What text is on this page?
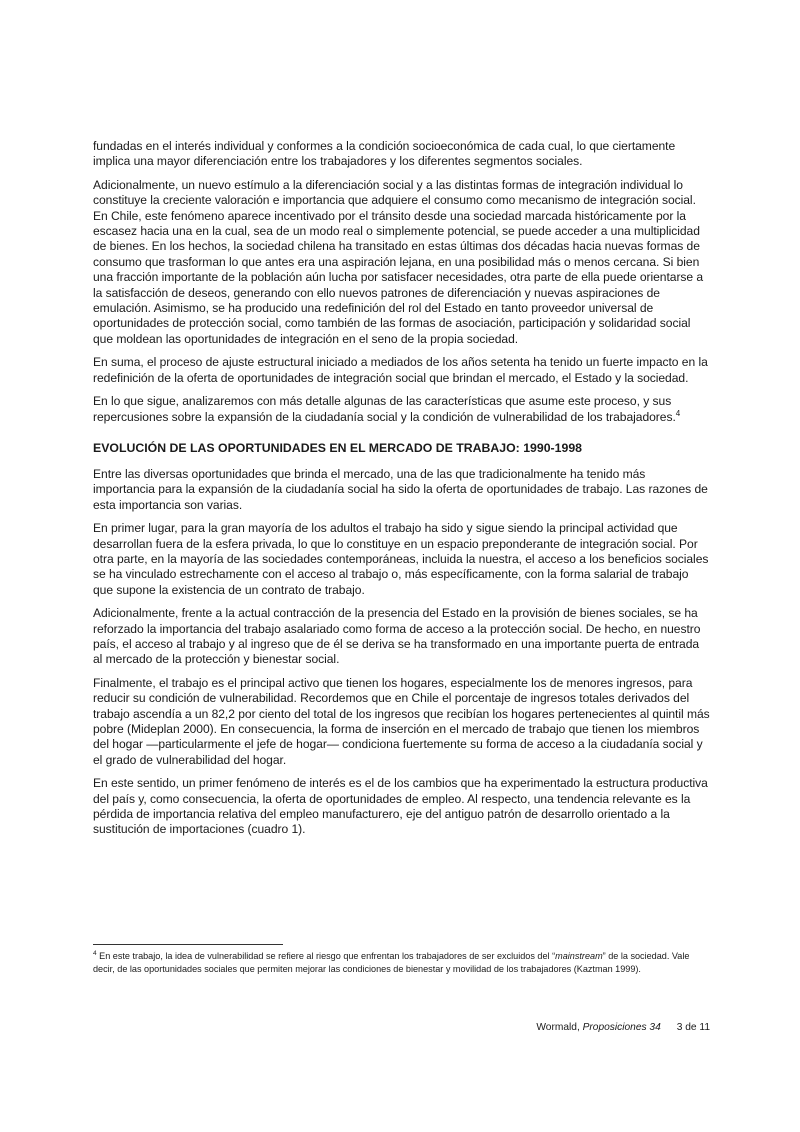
fundadas en el interés individual y conformes a la condición socioeconómica de cada cual, lo que ciertamente implica una mayor diferenciación entre los trabajadores y los diferentes segmentos sociales.

Adicionalmente, un nuevo estímulo a la diferenciación social y a las distintas formas de integración individual lo constituye la creciente valoración e importancia que adquiere el consumo como mecanismo de integración social. En Chile, este fenómeno aparece incentivado por el tránsito desde una sociedad marcada históricamente por la escasez hacia una en la cual, sea de un modo real o simplemente potencial, se puede acceder a una multiplicidad de bienes. En los hechos, la sociedad chilena ha transitado en estas últimas dos décadas hacia nuevas formas de consumo que trasforman lo que antes era una aspiración lejana, en una posibilidad más o menos cercana. Si bien una fracción importante de la población aún lucha por satisfacer necesidades, otra parte de ella puede orientarse a la satisfacción de deseos, generando con ello nuevos patrones de diferenciación y nuevas aspiraciones de emulación. Asimismo, se ha producido una redefinición del rol del Estado en tanto proveedor universal de oportunidades de protección social, como también de las formas de asociación, participación y solidaridad social que moldean las oportunidades de integración en el seno de la propia sociedad.

En suma, el proceso de ajuste estructural iniciado a mediados de los años setenta ha tenido un fuerte impacto en la redefinición de la oferta de oportunidades de integración social que brindan el mercado, el Estado y la sociedad.

En lo que sigue, analizaremos con más detalle algunas de las características que asume este proceso, y sus repercusiones sobre la expansión de la ciudadanía social y la condición de vulnerabilidad de los trabajadores.$^4$

EVOLUCIÓN DE LAS OPORTUNIDADES EN EL MERCADO DE TRABAJO: 1990-1998

Entre las diversas oportunidades que brinda el mercado, una de las que tradicionalmente ha tenido más importancia para la expansión de la ciudadanía social ha sido la oferta de oportunidades de trabajo. Las razones de esta importancia son varias.

En primer lugar, para la gran mayoría de los adultos el trabajo ha sido y sigue siendo la principal actividad que desarrollan fuera de la esfera privada, lo que lo constituye en un espacio preponderante de integración social. Por otra parte, en la mayoría de las sociedades contemporáneas, incluida la nuestra, el acceso a los beneficios sociales se ha vinculado estrechamente con el acceso al trabajo o, más específicamente, con la forma salarial de trabajo que supone la existencia de un contrato de trabajo.

Adicionalmente, frente a la actual contracción de la presencia del Estado en la provisión de bienes sociales, se ha reforzado la importancia del trabajo asalariado como forma de acceso a la protección social. De hecho, en nuestro país, el acceso al trabajo y al ingreso que de él se deriva se ha transformado en una importante puerta de entrada al mercado de la protección y bienestar social.

Finalmente, el trabajo es el principal activo que tienen los hogares, especialmente los de menores ingresos, para reducir su condición de vulnerabilidad. Recordemos que en Chile el porcentaje de ingresos totales derivados del trabajo ascendía a un 82,2 por ciento del total de los ingresos que recibían los hogares pertenecientes al quintil más pobre (Mideplan 2000). En consecuencia, la forma de inserción en el mercado de trabajo que tienen los miembros del hogar —particularmente el jefe de hogar— condiciona fuertemente su forma de acceso a la ciudadanía social y el grado de vulnerabilidad del hogar.

En este sentido, un primer fenómeno de interés es el de los cambios que ha experimentado la estructura productiva del país y, como consecuencia, la oferta de oportunidades de empleo. Al respecto, una tendencia relevante es la pérdida de importancia relativa del empleo manufacturero, eje del antiguo patrón de desarrollo orientado a la sustitución de importaciones (cuadro 1).

$^4$ En este trabajo, la idea de vulnerabilidad se refiere al riesgo que enfrentan los trabajadores de ser excluidos del “mainstream” de la sociedad. Vale decir, de las oportunidades sociales que permiten mejorar las condiciones de bienestar y movilidad de los trabajadores (Kaztman 1999).
Wormald, Proposiciones 34 3 de 11
